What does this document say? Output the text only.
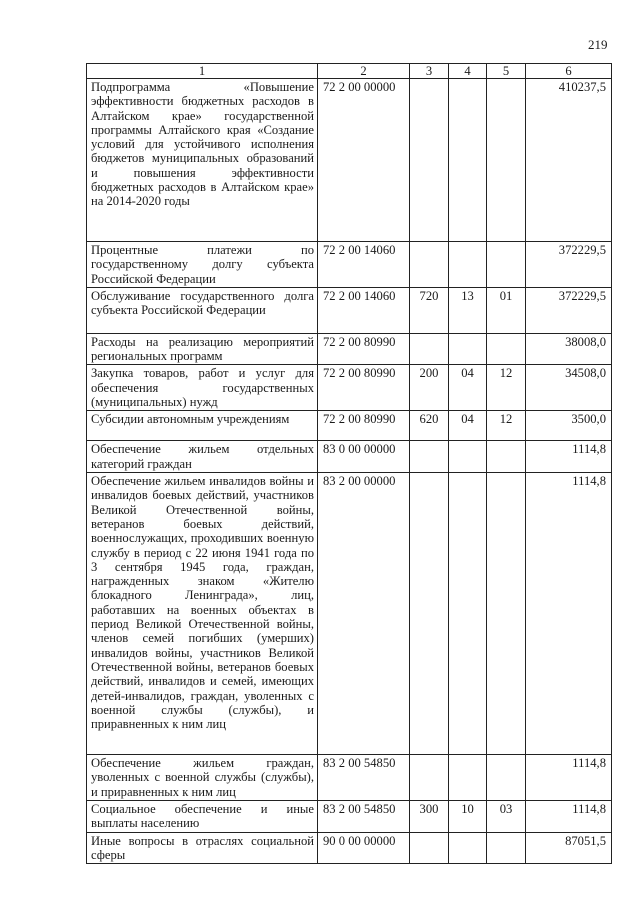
219
1	2	3	4	5	6
Подпрограмма «Повышение эффективности бюджетных расходов в Алтайском крае» государственной программы Алтайского края «Создание условий для устойчивого исполнения бюджетов муниципальных образований и повышения эффективности бюджетных расходов в Алтайском крае» на 2014-2020 годы	72 2 00 00000				410237,5
Процентные платежи по государственному долгу субъекта Российской Федерации	72 2 00 14060				372229,5
Обслуживание государственного долга субъекта Российской Федерации	72 2 00 14060	720	13	01	372229,5
Расходы на реализацию мероприятий региональных программ	72 2 00 80990				38008,0
Закупка товаров, работ и услуг для обеспечения государственных (муниципальных) нужд	72 2 00 80990	200	04	12	34508,0
Субсидии автономным учреждениям	72 2 00 80990	620	04	12	3500,0
Обеспечение жильем отдельных категорий граждан	83 0 00 00000				1114,8
Обеспечение жильем инвалидов войны и инвалидов боевых действий, участников Великой Отечественной войны, ветеранов боевых действий, военнослужащих, проходивших военную службу в период с 22 июня 1941 года по 3 сентября 1945 года, граждан, награжденных знаком «Жителю блокадного Ленинграда», лиц, работавших на военных объектах в период Великой Отечественной войны, членов семей погибших (умерших) инвалидов войны, участников Великой Отечественной войны, ветеранов боевых действий, инвалидов и семей, имеющих детей-инвалидов, граждан, уволенных с военной службы (службы), и приравненных к ним лиц	83 2 00 00000				1114,8
Обеспечение жильем граждан, уволенных с военной службы (службы), и приравненных к ним лиц	83 2 00 54850				1114,8
Социальное обеспечение и иные выплаты населению	83 2 00 54850	300	10	03	1114,8
Иные вопросы в отраслях социальной сферы	90 0 00 00000				87051,5
